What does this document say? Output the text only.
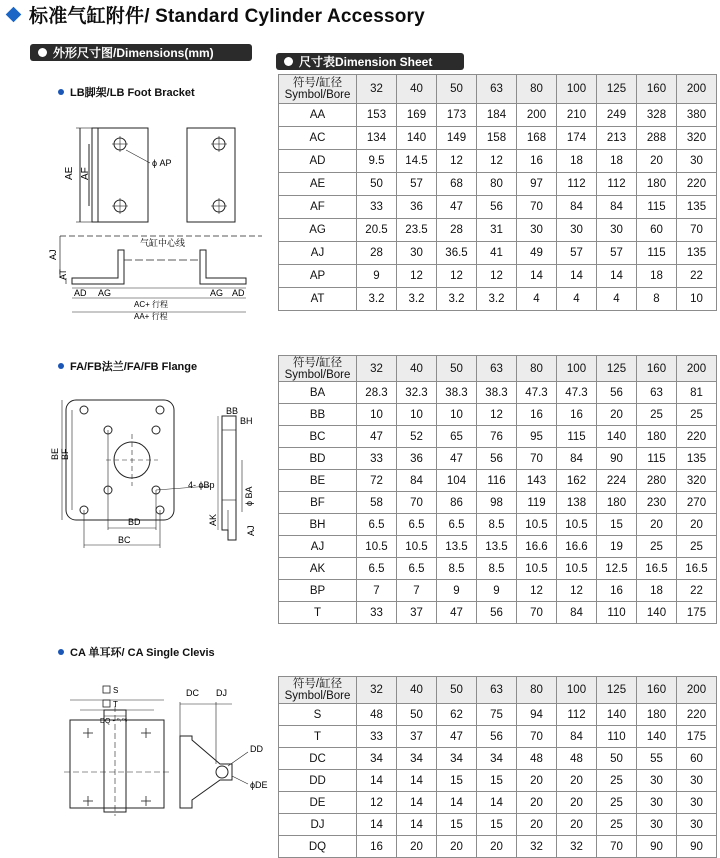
标准气缸附件/ Standard Cylinder Accessory
外形尺寸图/Dimensions(mm)
尺寸表Dimension Sheet
LB脚架/LB Foot Bracket
AE AF
ϕ AP
AJ
AT
气缸中心线
AD AG	AG AD
AC+ 行程
AA+ 行程
符号/缸径
Symbol/Bore	32	40	50	63	80	100	125	160	200
AA	153	169	173	184	200	210	249	328	380
AC	134	140	149	158	168	174	213	288	320
AD	9.5	14.5	12	12	16	18	18	20	30
AE	50	57	68	80	97	112	112	180	220
AF	33	36	47	56	70	84	84	115	135
AG	20.5	23.5	28	31	30	30	30	60	70
AJ	28	30	36.5	41	49	57	57	115	135
AP	9	12	12	12	14	14	14	18	22
AT	3.2	3.2	3.2	3.2	4	4	4	8	10
FA/FB法兰/FA/FB Flange
BE BF
4- ϕBp
BD
BC
BB
BH
ϕ BA
AK
AJ
符号/缸径
Symbol/Bore	32	40	50	63	80	100	125	160	200
BA	28.3	32.3	38.3	38.3	47.3	47.3	56	63	81
BB	10	10	10	12	16	16	20	25	25
BC	47	52	65	76	95	115	140	180	220
BD	33	36	47	56	70	84	90	115	135
BE	72	84	104	116	143	162	224	280	320
BF	58	70	86	98	119	138	180	230	270
BH	6.5	6.5	6.5	8.5	10.5	10.5	15	20	20
AJ	10.5	10.5	13.5	13.5	16.6	16.6	19	25	25
AK	6.5	6.5	8.5	8.5	10.5	10.5	12.5	16.5	16.5
BP	7	7	9	9	12	12	16	18	22
T	33	37	47	56	70	84	110	140	175
CA 单耳环/ CA Single Clevis
S
T
DQ - ⁰·⁰⁵
DC DJ
DD
ϕDE
符号/缸径
Symbol/Bore	32	40	50	63	80	100	125	160	200
S	48	50	62	75	94	112	140	180	220
T	33	37	47	56	70	84	110	140	175
DC	34	34	34	34	48	48	50	55	60
DD	14	14	15	15	20	20	25	30	30
DE	12	14	14	14	20	20	25	30	30
DJ	14	14	15	15	20	20	25	30	30
DQ	16	20	20	20	32	32	70	90	90
